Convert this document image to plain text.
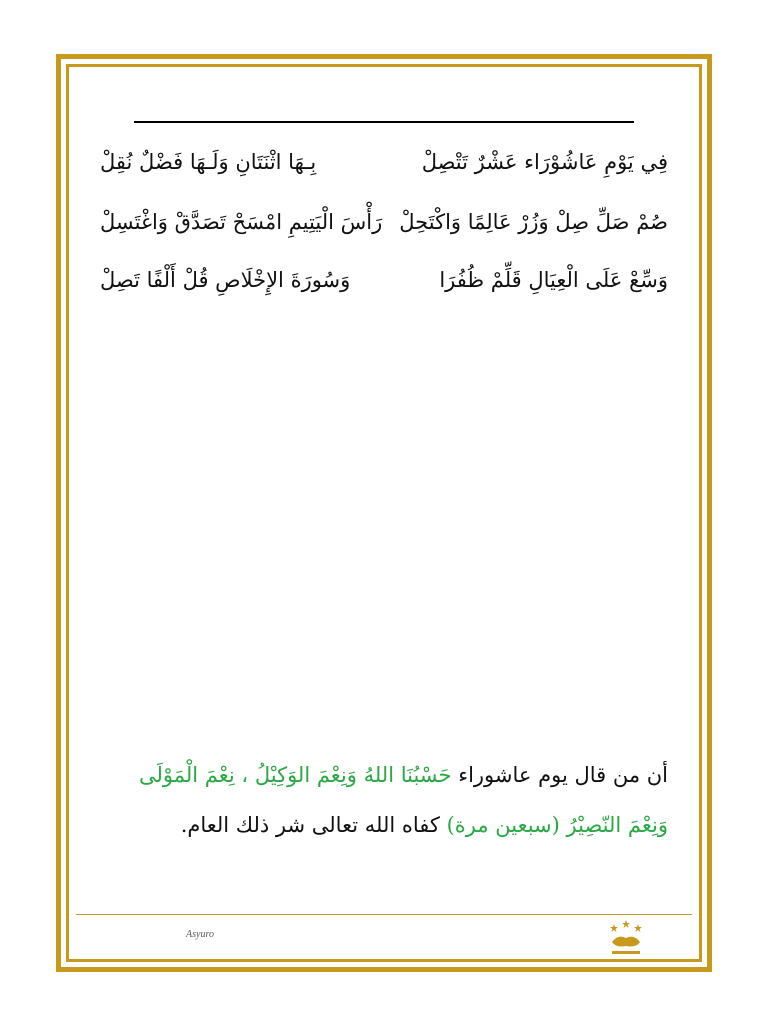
فِي يَوْمِ عَاشُوْرَاء عَشْرٌ تَتْصِلْ
بِـهَا اثْنَتَانِ وَلَـهَا فَضْلٌ نُقِلْ
صُمْ صَلِّ صِلْ وَزُرْ عَالِمًا وَاكْتَحِلْ
رَأْسَ الْيَتِيمِ امْسَحْ تَصَدَّقْ وَاغْتَسِلْ
وَسِّعْ عَلَى الْعِيَالِ قَلِّمْ ظُفُرَا
وَسُورَةَ الإِخْلَاصِ قُلْ أَلْفًا تَصِلْ
أن من قال يوم عاشوراء حَسْبُنَا اللهُ وَنِعْمَ الوَكِيْلُ ، نِعْمَ الْمَوْلَى وَنِعْمَ النّصِيْرُ (سبعين مرة) كفاه الله تعالى شر ذلك العام.
Asyuro
